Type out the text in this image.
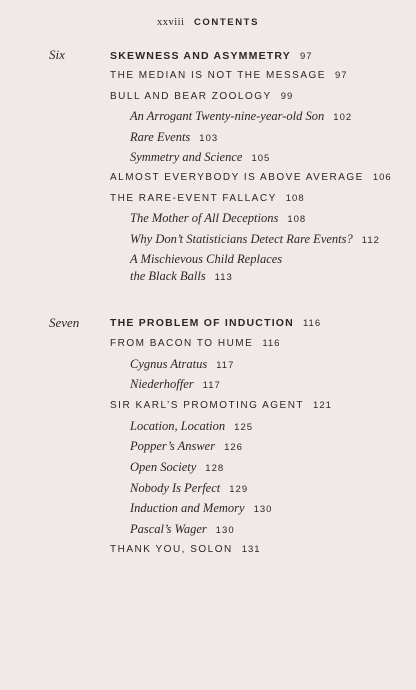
xxviii CONTENTS
Six	SKEWNESS AND ASYMMETRY 97
THE MEDIAN IS NOT THE MESSAGE 97
BULL AND BEAR ZOOLOGY 99
An Arrogant Twenty-nine-year-old Son 102
Rare Events 103
Symmetry and Science 105
ALMOST EVERYBODY IS ABOVE AVERAGE 106
THE RARE-EVENT FALLACY 108
The Mother of All Deceptions 108
Why Don’t Statisticians Detect Rare Events? 112
A Mischievous Child Replaces
the Black Balls 113
Seven	THE PROBLEM OF INDUCTION 116
FROM BACON TO HUME 116
Cygnus Atratus 117
Niederhoffer 117
SIR KARL’S PROMOTING AGENT 121
Location, Location 125
Popper’s Answer 126
Open Society 128
Nobody Is Perfect 129
Induction and Memory 130
Pascal’s Wager 130
THANK YOU, SOLON 131
